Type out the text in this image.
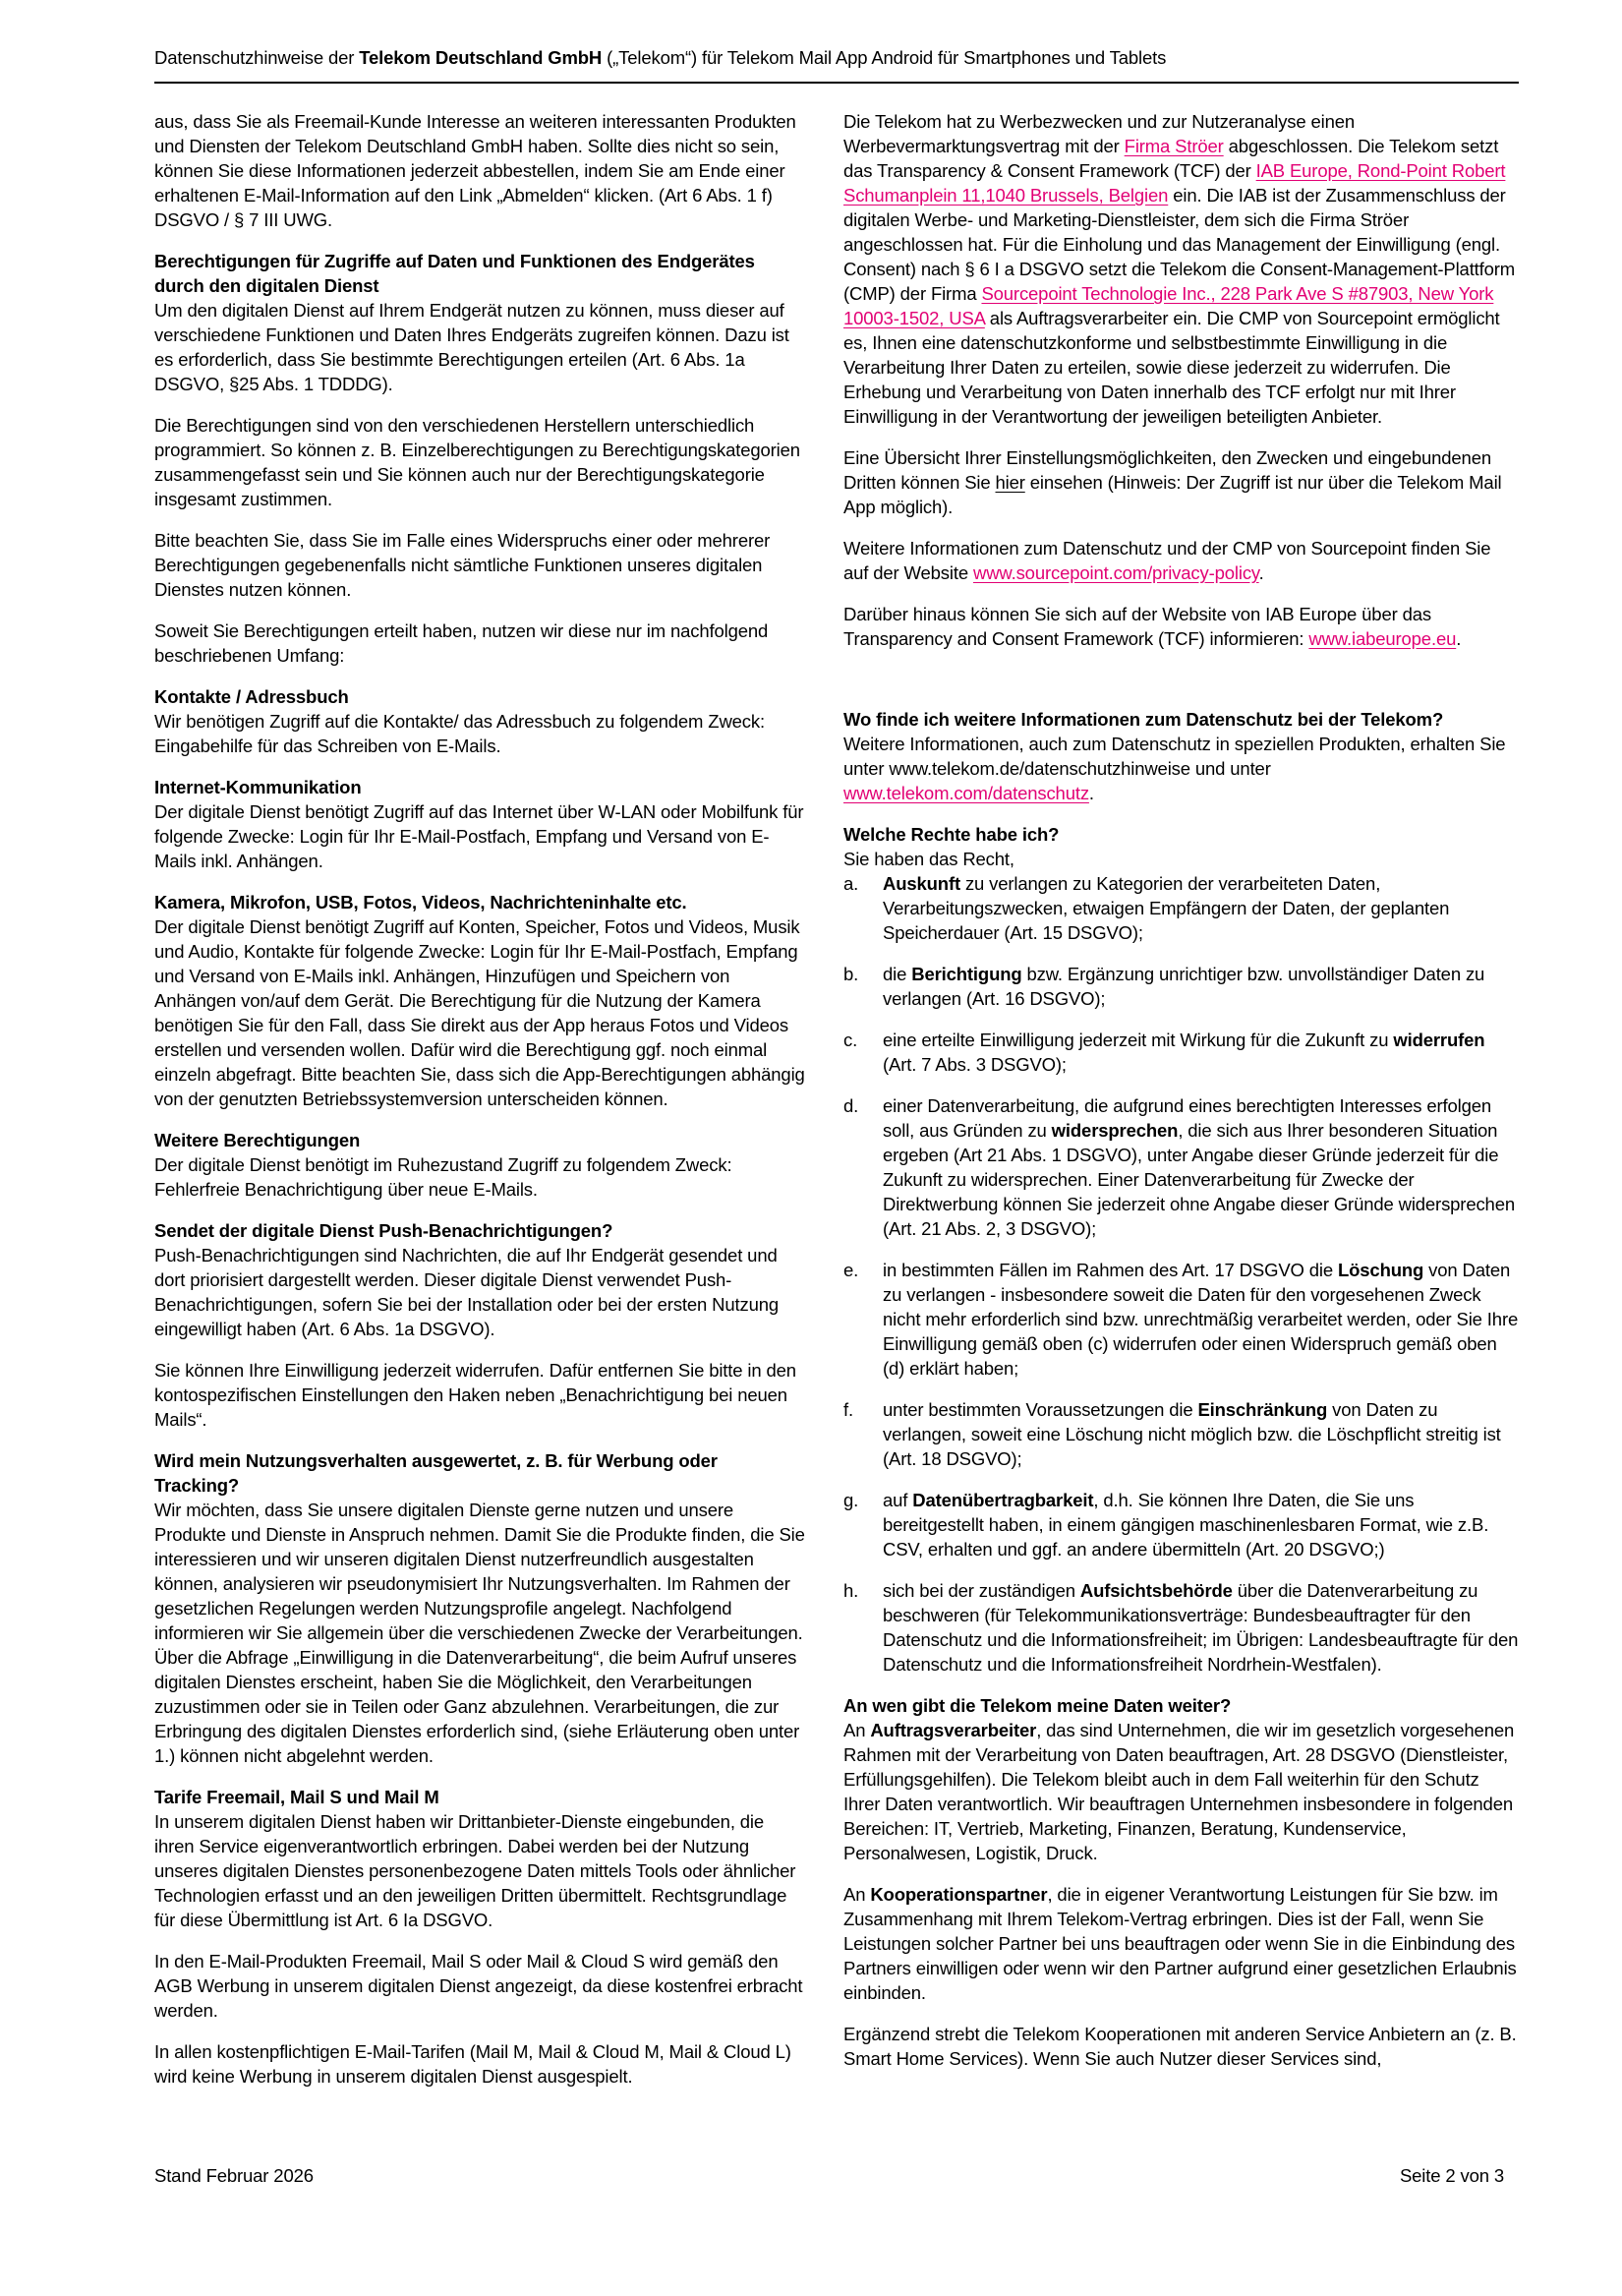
Datenschutzhinweise der Telekom Deutschland GmbH („Telekom“) für Telekom Mail App Android für Smartphones und Tablets

aus, dass Sie als Freemail-Kunde Interesse an weiteren interessanten Produkten und Diensten der Telekom Deutschland GmbH haben. Sollte dies nicht so sein, können Sie diese Informationen jederzeit abbestellen, indem Sie am Ende einer erhaltenen E-Mail-Information auf den Link „Abmelden“ klicken. (Art 6 Abs. 1 f) DSGVO / § 7 III UWG.

Berechtigungen für Zugriffe auf Daten und Funktionen des Endgerätes durch den digitalen Dienst

Um den digitalen Dienst auf Ihrem Endgerät nutzen zu können, muss dieser auf verschiedene Funktionen und Daten Ihres Endgeräts zugreifen können. Dazu ist es erforderlich, dass Sie bestimmte Berechtigungen erteilen (Art. 6 Abs. 1a DSGVO, §25 Abs. 1 TDDDG).

Die Berechtigungen sind von den verschiedenen Herstellern unterschiedlich programmiert. So können z. B. Einzelberechtigungen zu Berechtigungskategorien zusammengefasst sein und Sie können auch nur der Berechtigungskategorie insgesamt zustimmen.

Bitte beachten Sie, dass Sie im Falle eines Widerspruchs einer oder mehrerer Berechtigungen gegebenenfalls nicht sämtliche Funktionen unseres digitalen Dienstes nutzen können.

Soweit Sie Berechtigungen erteilt haben, nutzen wir diese nur im nachfolgend beschriebenen Umfang:

Kontakte / Adressbuch

Wir benötigen Zugriff auf die Kontakte/ das Adressbuch zu folgendem Zweck: Eingabehilfe für das Schreiben von E-Mails.

Internet-Kommunikation

Der digitale Dienst benötigt Zugriff auf das Internet über W-LAN oder Mobilfunk für folgende Zwecke: Login für Ihr E-Mail-Postfach, Empfang und Versand von E-Mails inkl. Anhängen.

Kamera, Mikrofon, USB, Fotos, Videos, Nachrichteninhalte etc.

Der digitale Dienst benötigt Zugriff auf Konten, Speicher, Fotos und Videos, Musik und Audio, Kontakte für folgende Zwecke: Login für Ihr E-Mail-Postfach, Empfang und Versand von E-Mails inkl. Anhängen, Hinzufügen und Speichern von Anhängen von/auf dem Gerät. Die Berechtigung für die Nutzung der Kamera benötigen Sie für den Fall, dass Sie direkt aus der App heraus Fotos und Videos erstellen und versenden wollen. Dafür wird die Berechtigung ggf. noch einmal einzeln abgefragt. Bitte beachten Sie, dass sich die App-Berechtigungen abhängig von der genutzten Betriebssystemversion unterscheiden können.

Weitere Berechtigungen

Der digitale Dienst benötigt im Ruhezustand Zugriff zu folgendem Zweck: Fehlerfreie Benachrichtigung über neue E-Mails.

Sendet der digitale Dienst Push-Benachrichtigungen?

Push-Benachrichtigungen sind Nachrichten, die auf Ihr Endgerät gesendet und dort priorisiert dargestellt werden. Dieser digitale Dienst verwendet Push-Benachrichtigungen, sofern Sie bei der Installation oder bei der ersten Nutzung eingewilligt haben (Art. 6 Abs. 1a DSGVO).

Sie können Ihre Einwilligung jederzeit widerrufen. Dafür entfernen Sie bitte in den kontospezifischen Einstellungen den Haken neben „Benachrichtigung bei neuen Mails“.

Wird mein Nutzungsverhalten ausgewertet, z. B. für Werbung oder Tracking?

Wir möchten, dass Sie unsere digitalen Dienste gerne nutzen und unsere Produkte und Dienste in Anspruch nehmen. Damit Sie die Produkte finden, die Sie interessieren und wir unseren digitalen Dienst nutzerfreundlich ausgestalten können, analysieren wir pseudonymisiert Ihr Nutzungsverhalten. Im Rahmen der gesetzlichen Regelungen werden Nutzungsprofile angelegt. Nachfolgend informieren wir Sie allgemein über die verschiedenen Zwecke der Verarbeitungen. Über die Abfrage „Einwilligung in die Datenverarbeitung“, die beim Aufruf unseres digitalen Dienstes erscheint, haben Sie die Möglichkeit, den Verarbeitungen zuzustimmen oder sie in Teilen oder Ganz abzulehnen. Verarbeitungen, die zur Erbringung des digitalen Dienstes erforderlich sind, (siehe Erläuterung oben unter 1.) können nicht abgelehnt werden.

Tarife Freemail, Mail S und Mail M

In unserem digitalen Dienst haben wir Drittanbieter-Dienste eingebunden, die ihren Service eigenverantwortlich erbringen. Dabei werden bei der Nutzung unseres digitalen Dienstes personenbezogene Daten mittels Tools oder ähnlicher Technologien erfasst und an den jeweiligen Dritten übermittelt. Rechtsgrundlage für diese Übermittlung ist Art. 6 Ia DSGVO.

In den E-Mail-Produkten Freemail, Mail S oder Mail & Cloud S wird gemäß den AGB Werbung in unserem digitalen Dienst angezeigt, da diese kostenfrei erbracht werden.

In allen kostenpflichtigen E-Mail-Tarifen (Mail M, Mail & Cloud M, Mail & Cloud L) wird keine Werbung in unserem digitalen Dienst ausgespielt.

Die Telekom hat zu Werbezwecken und zur Nutzeranalyse einen Werbevermarktungsvertrag mit der Firma Ströer abgeschlossen. Die Telekom setzt das Transparency & Consent Framework (TCF) der IAB Europe, Rond-Point Robert Schumanplein 11,1040 Brussels, Belgien ein. Die IAB ist der Zusammenschluss der digitalen Werbe- und Marketing-Dienstleister, dem sich die Firma Ströer angeschlossen hat. Für die Einholung und das Management der Einwilligung (engl. Consent) nach § 6 I a DSGVO setzt die Telekom die Consent-Management-Plattform (CMP) der Firma Sourcepoint Technologie Inc., 228 Park Ave S #87903, New York 10003-1502, USA als Auftragsverarbeiter ein. Die CMP von Sourcepoint ermöglicht es, Ihnen eine datenschutzkonforme und selbstbestimmte Einwilligung in die Verarbeitung Ihrer Daten zu erteilen, sowie diese jederzeit zu widerrufen. Die Erhebung und Verarbeitung von Daten innerhalb des TCF erfolgt nur mit Ihrer Einwilligung in der Verantwortung der jeweiligen beteiligten Anbieter.

Eine Übersicht Ihrer Einstellungsmöglichkeiten, den Zwecken und eingebundenen Dritten können Sie hier einsehen (Hinweis: Der Zugriff ist nur über die Telekom Mail App möglich).

Weitere Informationen zum Datenschutz und der CMP von Sourcepoint finden Sie auf der Website www.sourcepoint.com/privacy-policy.

Darüber hinaus können Sie sich auf der Website von IAB Europe über das Transparency and Consent Framework (TCF) informieren: www.iabeurope.eu.

Wo finde ich weitere Informationen zum Datenschutz bei der Telekom?

Weitere Informationen, auch zum Datenschutz in speziellen Produkten, erhalten Sie unter www.telekom.de/datenschutzhinweise und unter www.telekom.com/datenschutz.

Welche Rechte habe ich?

Sie haben das Recht,

a. Auskunft zu verlangen zu Kategorien der verarbeiteten Daten, Verarbeitungszwecken, etwaigen Empfängern der Daten, der geplanten Speicherdauer (Art. 15 DSGVO);
b. die Berichtigung bzw. Ergänzung unrichtiger bzw. unvollständiger Daten zu verlangen (Art. 16 DSGVO);
c. eine erteilte Einwilligung jederzeit mit Wirkung für die Zukunft zu widerrufen (Art. 7 Abs. 3 DSGVO);
d. einer Datenverarbeitung, die aufgrund eines berechtigten Interesses erfolgen soll, aus Gründen zu widersprechen, die sich aus Ihrer besonderen Situation ergeben (Art 21 Abs. 1 DSGVO), unter Angabe dieser Gründe jederzeit für die Zukunft zu widersprechen. Einer Datenverarbeitung für Zwecke der Direktwerbung können Sie jederzeit ohne Angabe dieser Gründe widersprechen (Art. 21 Abs. 2, 3 DSGVO);
e. in bestimmten Fällen im Rahmen des Art. 17 DSGVO die Löschung von Daten zu verlangen - insbesondere soweit die Daten für den vorgesehenen Zweck nicht mehr erforderlich sind bzw. unrechtmäßig verarbeitet werden, oder Sie Ihre Einwilligung gemäß oben (c) widerrufen oder einen Widerspruch gemäß oben (d) erklärt haben;
f. unter bestimmten Voraussetzungen die Einschränkung von Daten zu verlangen, soweit eine Löschung nicht möglich bzw. die Löschpflicht streitig ist (Art. 18 DSGVO);
g. auf Datenübertragbarkeit, d.h. Sie können Ihre Daten, die Sie uns bereitgestellt haben, in einem gängigen maschinenlesbaren Format, wie z.B. CSV, erhalten und ggf. an andere übermitteln (Art. 20 DSGVO;)
h. sich bei der zuständigen Aufsichtsbehörde über die Datenverarbeitung zu beschweren (für Telekommunikationsverträge: Bundesbeauftragter für den Datenschutz und die Informationsfreiheit; im Übrigen: Landesbeauftragte für den Datenschutz und die Informationsfreiheit Nordrhein-Westfalen).
An wen gibt die Telekom meine Daten weiter?

An Auftragsverarbeiter, das sind Unternehmen, die wir im gesetzlich vorgesehenen Rahmen mit der Verarbeitung von Daten beauftragen, Art. 28 DSGVO (Dienstleister, Erfüllungsgehilfen). Die Telekom bleibt auch in dem Fall weiterhin für den Schutz Ihrer Daten verantwortlich. Wir beauftragen Unternehmen insbesondere in folgenden Bereichen: IT, Vertrieb, Marketing, Finanzen, Beratung, Kundenservice, Personalwesen, Logistik, Druck.

An Kooperationspartner, die in eigener Verantwortung Leistungen für Sie bzw. im Zusammenhang mit Ihrem Telekom-Vertrag erbringen. Dies ist der Fall, wenn Sie Leistungen solcher Partner bei uns beauftragen oder wenn Sie in die Einbindung des Partners einwilligen oder wenn wir den Partner aufgrund einer gesetzlichen Erlaubnis einbinden.

Ergänzend strebt die Telekom Kooperationen mit anderen Service Anbietern an (z. B. Smart Home Services). Wenn Sie auch Nutzer dieser Services sind,

Stand Februar 2026	Seite 2 von 3
